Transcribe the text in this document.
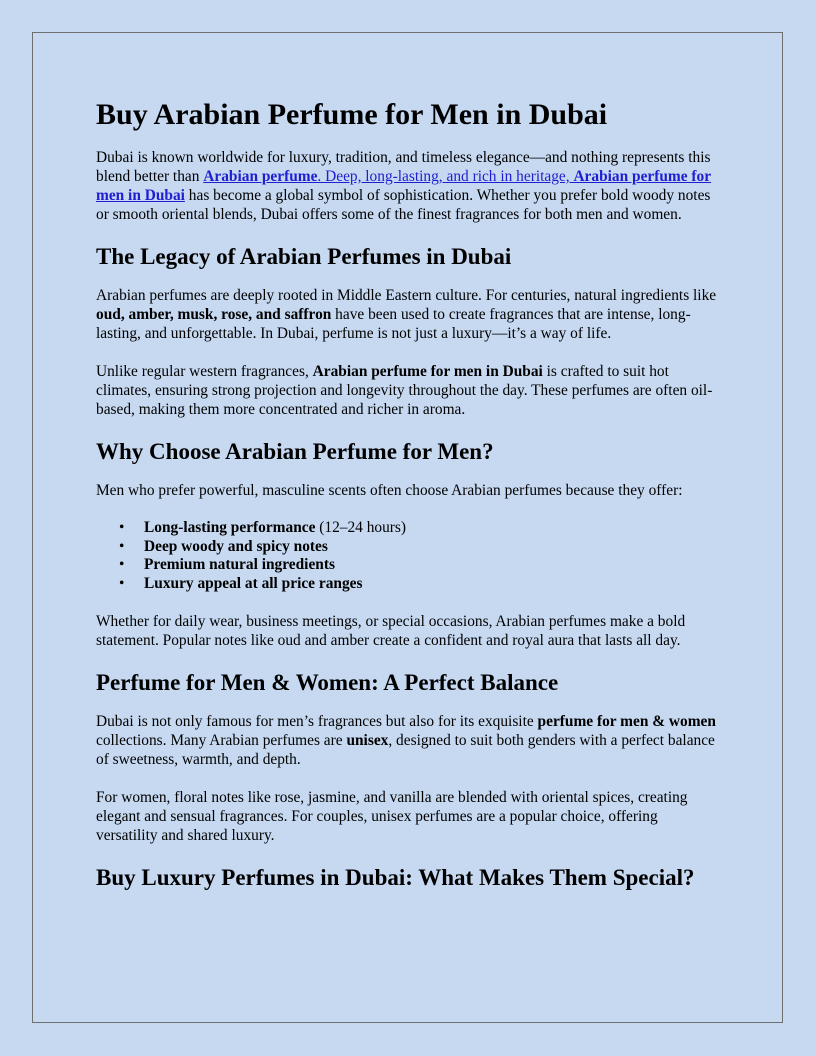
Buy Arabian Perfume for Men in Dubai

Dubai is known worldwide for luxury, tradition, and timeless elegance—and nothing represents this blend better than Arabian perfume. Deep, long-lasting, and rich in heritage, Arabian perfume for men in Dubai has become a global symbol of sophistication. Whether you prefer bold woody notes or smooth oriental blends, Dubai offers some of the finest fragrances for both men and women.

The Legacy of Arabian Perfumes in Dubai

Arabian perfumes are deeply rooted in Middle Eastern culture. For centuries, natural ingredients like oud, amber, musk, rose, and saffron have been used to create fragrances that are intense, long-lasting, and unforgettable. In Dubai, perfume is not just a luxury—it’s a way of life.

Unlike regular western fragrances, Arabian perfume for men in Dubai is crafted to suit hot climates, ensuring strong projection and longevity throughout the day. These perfumes are often oil-based, making them more concentrated and richer in aroma.

Why Choose Arabian Perfume for Men?

Men who prefer powerful, masculine scents often choose Arabian perfumes because they offer:

• Long-lasting performance (12–24 hours)
• Deep woody and spicy notes
• Premium natural ingredients
• Luxury appeal at all price ranges

Whether for daily wear, business meetings, or special occasions, Arabian perfumes make a bold statement. Popular notes like oud and amber create a confident and royal aura that lasts all day.

Perfume for Men & Women: A Perfect Balance

Dubai is not only famous for men’s fragrances but also for its exquisite perfume for men & women collections. Many Arabian perfumes are unisex, designed to suit both genders with a perfect balance of sweetness, warmth, and depth.

For women, floral notes like rose, jasmine, and vanilla are blended with oriental spices, creating elegant and sensual fragrances. For couples, unisex perfumes are a popular choice, offering versatility and shared luxury.

Buy Luxury Perfumes in Dubai: What Makes Them Special?
